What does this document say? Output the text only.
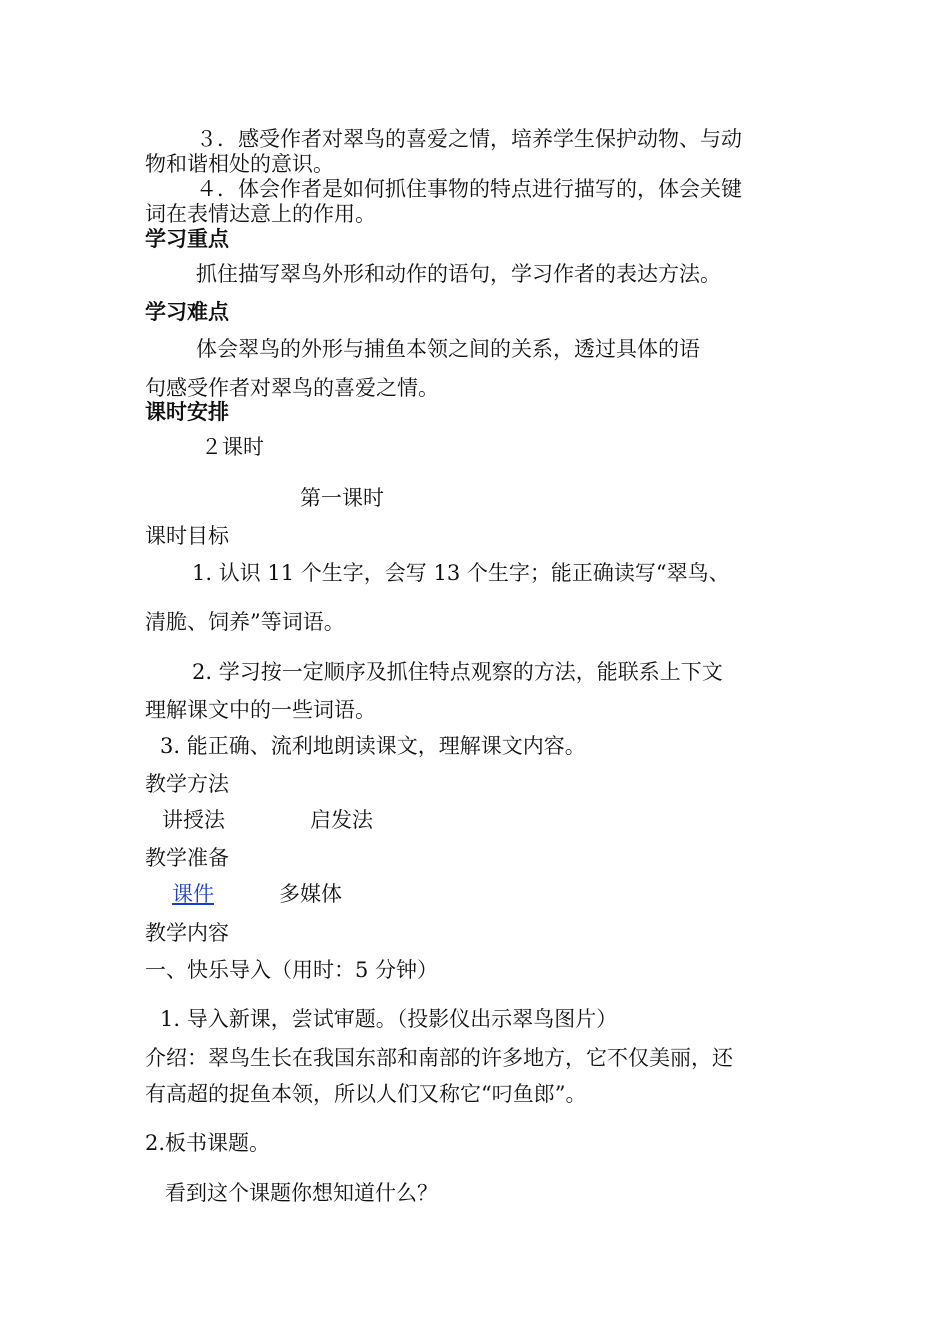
３．感受作者对翠鸟的喜爱之情，培养学生保护动物、与动
物和谐相处的意识。
４．体会作者是如何抓住事物的特点进行描写的，体会关键
词在表情达意上的作用。
学习重点
抓住描写翠鸟外形和动作的语句，学习作者的表达方法。
学习难点
体会翠鸟的外形与捕鱼本领之间的关系，透过具体的语
句感受作者对翠鸟的喜爱之情。
课时安排
２课时
第一课时
课时目标
1. 认识 11 个生字，会写 13 个生字；能正确读写“翠鸟、
清脆、饲养”等词语。
2. 学习按一定顺序及抓住特点观察的方法，能联系上下文
理解课文中的一些词语。
3. 能正确、流利地朗读课文，理解课文内容。
教学方法
讲授法	启发法
教学准备
课件	多媒体
教学内容
一、快乐导入（用时：5 分钟）
1. 导入新课，尝试审题。（投影仪出示翠鸟图片）
介绍：翠鸟生长在我国东部和南部的许多地方，它不仅美丽，还
有高超的捉鱼本领，所以人们又称它“叼鱼郎”。
2.板书课题。
看到这个课题你想知道什么？
